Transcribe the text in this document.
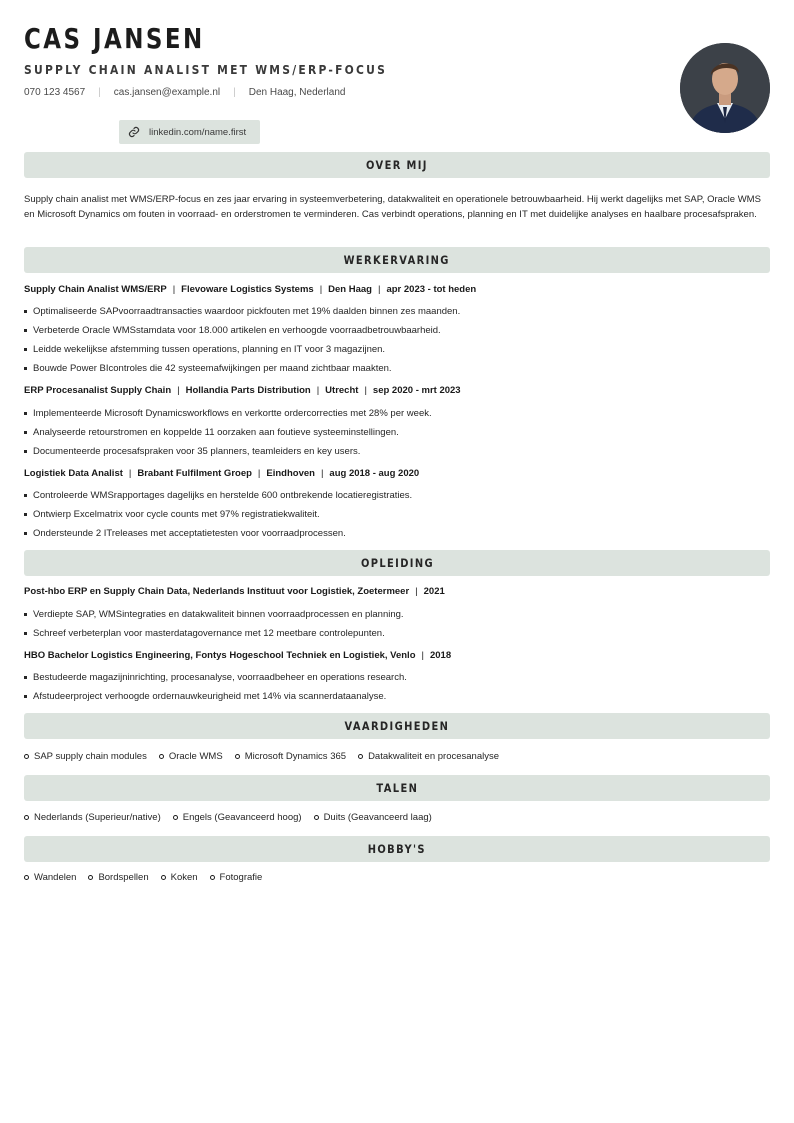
CAS JANSEN
SUPPLY CHAIN ANALIST MET WMS/ERP-FOCUS
070 123 4567 | cas.jansen@example.nl | Den Haag, Nederland
linkedin.com/name.first
OVER MIJ

Supply chain analist met WMS/ERP-focus en zes jaar ervaring in systeemverbetering, datakwaliteit en operationele betrouwbaarheid. Hij werkt dagelijks met SAP, Oracle WMS en Microsoft Dynamics om fouten in voorraad- en orderstromen te verminderen. Cas verbindt operations, planning en IT met duidelijke analyses en haalbare procesafspraken.

WERKERVARING
Supply Chain Analist WMS/ERP | Flevoware Logistics Systems | Den Haag | apr 2023 - tot heden
Optimaliseerde SAPvoorraadtransacties waardoor pickfouten met 19% daalden binnen zes maanden.
Verbeterde Oracle WMSstamdata voor 18.000 artikelen en verhoogde voorraadbetrouwbaarheid.
Leidde wekelijkse afstemming tussen operations, planning en IT voor 3 magazijnen.
Bouwde Power BIcontroles die 42 systeemafwijkingen per maand zichtbaar maakten.
ERP Procesanalist Supply Chain | Hollandia Parts Distribution | Utrecht | sep 2020 - mrt 2023
Implementeerde Microsoft Dynamicsworkflows en verkortte ordercorrecties met 28% per week.
Analyseerde retourstromen en koppelde 11 oorzaken aan foutieve systeeminstellingen.
Documenteerde procesafspraken voor 35 planners, teamleiders en key users.
Logistiek Data Analist | Brabant Fulfilment Groep | Eindhoven | aug 2018 - aug 2020
Controleerde WMSrapportages dagelijks en herstelde 600 ontbrekende locatieregistraties.
Ontwierp Excelmatrix voor cycle counts met 97% registratiekwaliteit.
Ondersteunde 2 ITreleases met acceptatietesten voor voorraadprocessen.
OPLEIDING
Post-hbo ERP en Supply Chain Data, Nederlands Instituut voor Logistiek, Zoetermeer | 2021
Verdiepte SAP, WMSintegraties en datakwaliteit binnen voorraadprocessen en planning.
Schreef verbeterplan voor masterdatagovernance met 12 meetbare controlepunten.
HBO Bachelor Logistics Engineering, Fontys Hogeschool Techniek en Logistiek, Venlo | 2018
Bestudeerde magazijninrichting, procesanalyse, voorraadbeheer en operations research.
Afstudeerproject verhoogde ordernauwkeurigheid met 14% via scannerdataanalyse.
VAARDIGHEDEN
SAP supply chain modules Oracle WMS Microsoft Dynamics 365 Datakwaliteit en procesanalyse
TALEN
Nederlands (Superieur/native) Engels (Geavanceerd hoog) Duits (Geavanceerd laag)
HOBBY'S
Wandelen Bordspellen Koken Fotografie
